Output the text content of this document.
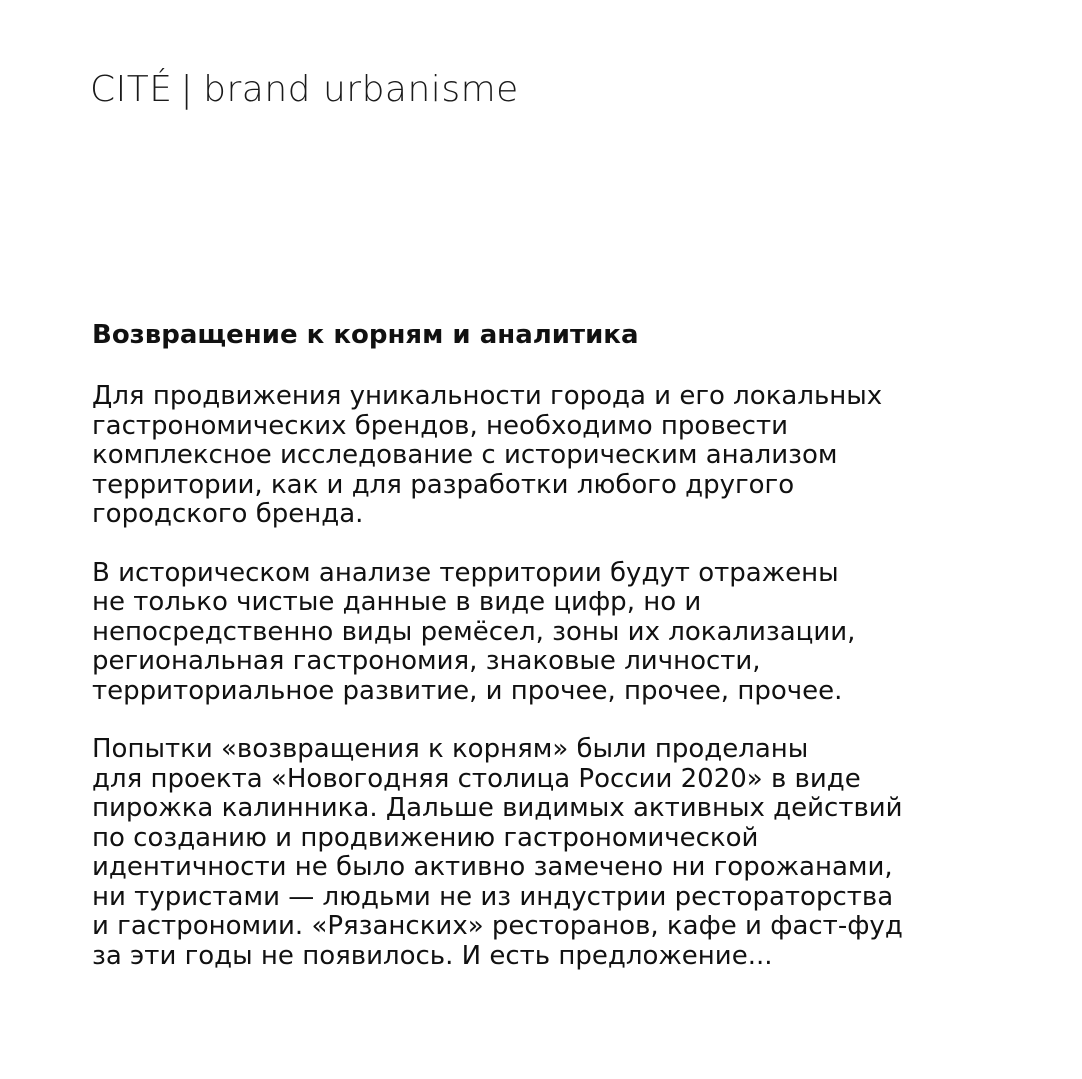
CITÉ | brand urbanisme
Возвращение к корням и аналитика
Для продвижения уникальности города и его локальных
гастрономических брендов, необходимо провести
комплексное исследование с историческим анализом
территории, как и для разработки любого другого
городского бренда.
В историческом анализе территории будут отражены
не только чистые данные в виде цифр, но и
непосредственно виды ремёсел, зоны их локализации,
региональная гастрономия, знаковые личности,
территориальное развитие, и прочее, прочее, прочее.
Попытки «возвращения к корням» были проделаны
для проекта «Новогодняя столица России 2020» в виде
пирожка калинника. Дальше видимых активных действий
по созданию и продвижению гастрономической
идентичности не было активно замечено ни горожанами,
ни туристами — людьми не из индустрии рестораторства
и гастрономии. «Рязанских» ресторанов, кафе и фаст-фуд
за эти годы не появилось. И есть предложение...
